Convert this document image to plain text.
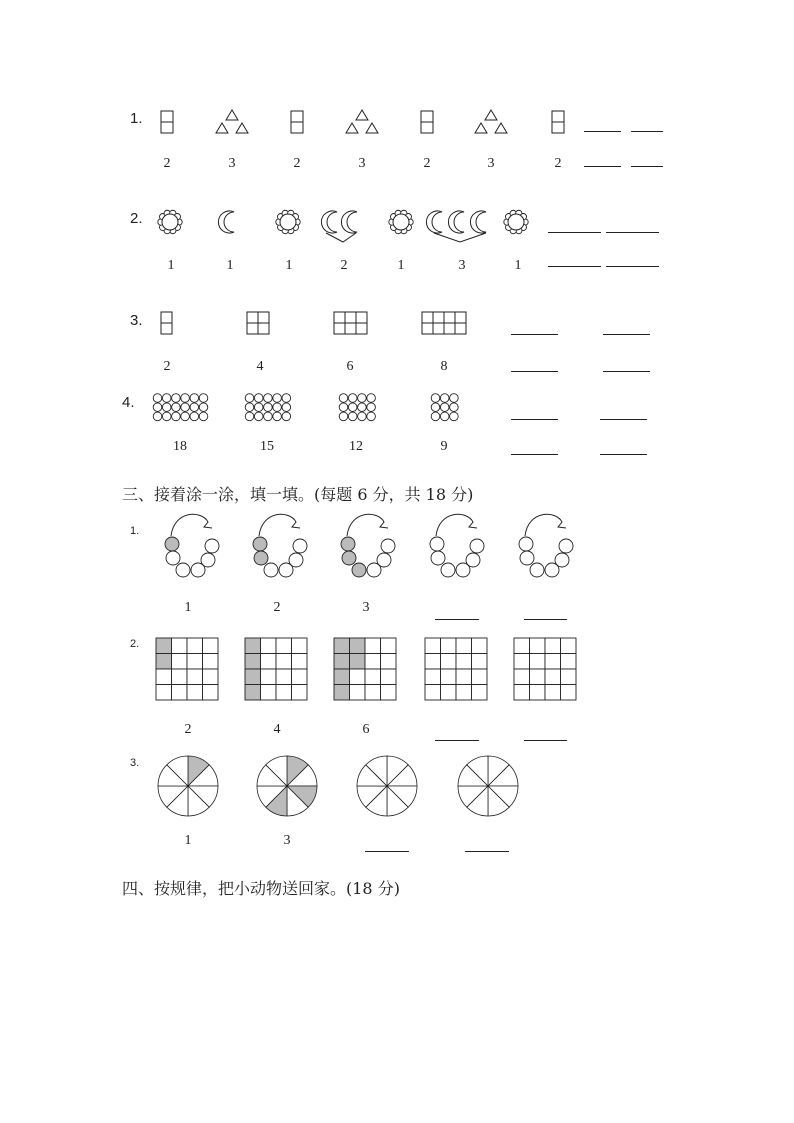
1.
2	3	2	3	2	3	2
2.
1	1	1	2	1	3	1
3.
2	4	6	8
4.
18	15	12	9
三、接着涂一涂，填一填。(每题 6 分，共 18 分)
1.
1	2	3
2.
2	4	6
3.
1	3
四、按规律，把小动物送回家。(18 分)
